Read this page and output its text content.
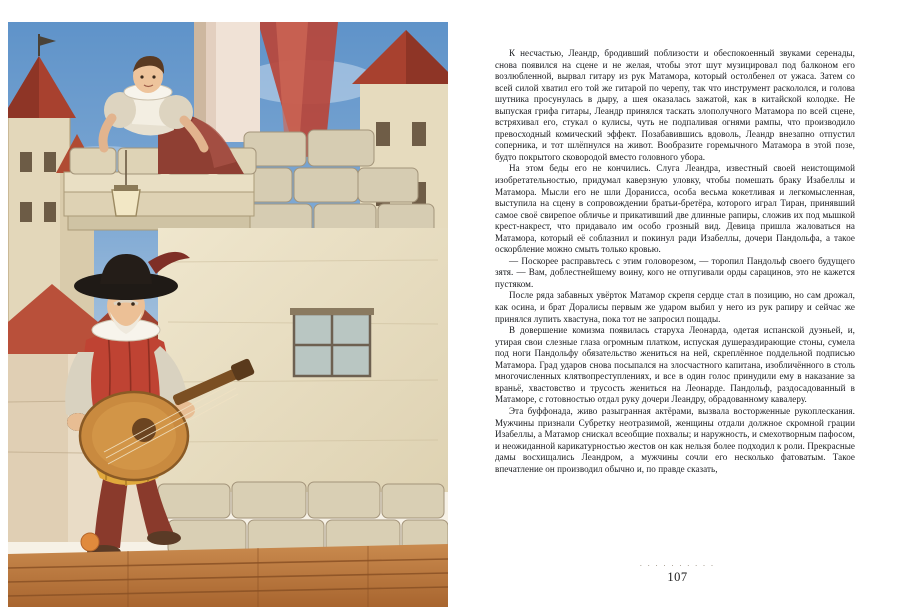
К несчастью, Леандр, бродивший поблизости и обеспокоенный звуками серенады, снова появился на сцене и не желая, чтобы этот шут музицировал под балконом его возлюбленной, вырвал гитару из рук Матамора, который остолбенел от ужаса. Затем со всей силой хватил его той же гитарой по черепу, так что инструмент раскололся, и голова шутника просунулась в дыру, а шея оказалась зажатой, как в китайской колодке. Не выпуская грифа гитары, Леандр принялся таскать злополучного Матамора по всей сцене, встряхивал его, стукал о кулисы, чуть не подпаливая огнями рампы, что производило превосходный комический эффект. Позабавившись вдоволь, Леандр внезапно отпустил соперника, и тот шлёпнулся на живот. Вообразите горемычного Матамора в этой позе, будто покрытого сковородой вместо головного убора.

На этом беды его не кончились. Слуга Леандра, известный своей неистощимой изобретательностью, придумал каверзную уловку, чтобы помешать браку Изабеллы и Матамора. Мысли его не шли Доранисса, особа весьма кокетливая и легкомысленная, выступила на сцену в сопровождении братьи-бретёра, которого играл Тиран, принявший самое своё свирепое обличье и прикативший две длинные рапиры, сложив их под мышкой крест-накрест, что придавало им особо грозный вид. Девица пришла жаловаться на Матамора, который её соблазнил и покинул ради Изабеллы, дочери Пандольфа, а такое оскорбление можно смыть только кровью.

— Поскорее расправьтесь с этим головорезом, — торопил Пандольф своего будущего зятя. — Вам, доблестнейшему воину, кого не отпугивали орды сарацинов, это не кажется пустяком.

После ряда забавных увёрток Матамор скрепя сердце стал в позицию, но сам дрожал, как осина, и брат Доралисы первым же ударом выбил у него из рук рапиру и сейчас же принялся лупить хвастуна, пока тот не запросил пощады.

В довершение комизма появилась старуха Леонарда, одетая испанской дуэньей, и, утирая свои слезные глаза огромным платком, испуская душераздирающие стоны, сумела под ноги Пандольфу обязательство жениться на ней, скреплённое поддельной подписью Матамора. Град ударов снова посыпался на злосчастного капитана, изобличённого в столь многочисленных клятвопреступлениях, и все в один голос принудили ему в наказание за враньё, хвастовство и трусость жениться на Леонарде. Пандольф, раздосадованный в Матаморе, с готовностью отдал руку дочери Леандру, обрадованному кавалеру.

Эта буффонада, живо разыгранная актёрами, вызвала восторженные рукоплескания. Мужчины признали Субретку неотразимой, женщины отдали должное скромной грации Изабеллы, а Матамор снискал всеобщие похвалы; и наружность, и смехотворным пафосом, и неожиданной карикатурностью жестов он как нельзя более подходил к роли. Прекрасные дамы восхищались Леандром, а мужчины сочли его несколько фатоватым. Такое впечатление он производил обычно и, по правде сказать,

. . . . . . . . . .
107
